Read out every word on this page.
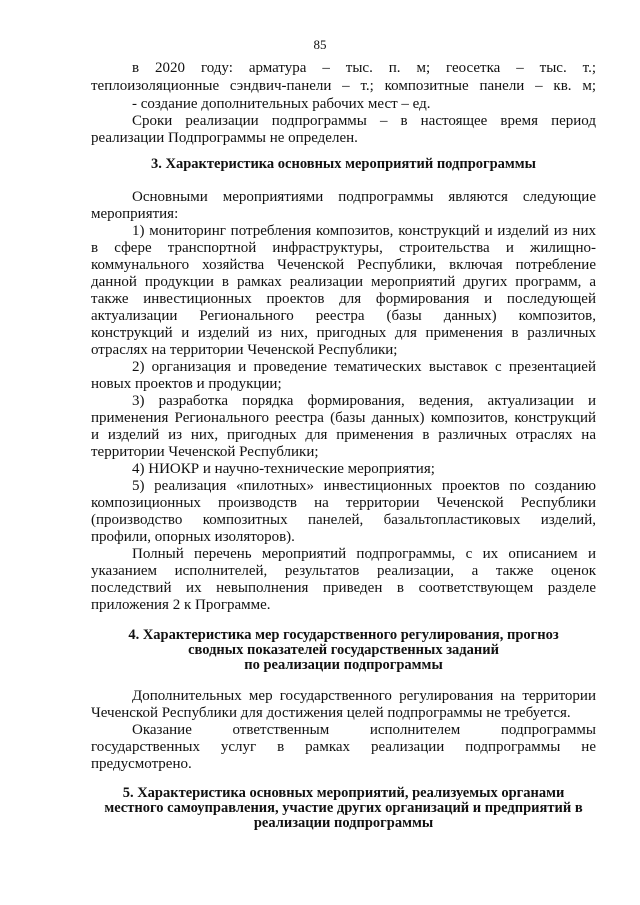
85
в 2020 году: арматура – тыс. п. м; геосетка – тыс. т.;
теплоизоляционные сэндвич-панели – т.; композитные панели – кв. м;
- создание дополнительных рабочих мест – ед.
Сроки реализации подпрограммы – в настоящее время период
реализации Подпрограммы не определен.
3. Характеристика основных мероприятий подпрограммы
Основными мероприятиями подпрограммы являются следующие
мероприятия:
1) мониторинг потребления композитов, конструкций и изделий из них
в сфере транспортной инфраструктуры, строительства и жилищно-
коммунального хозяйства Чеченской Республики, включая потребление
данной продукции в рамках реализации мероприятий других программ, а
также инвестиционных проектов для формирования и последующей
актуализации Регионального реестра (базы данных) композитов,
конструкций и изделий из них, пригодных для применения в различных
отраслях на территории Чеченской Республики;
2) организация и проведение тематических выставок с презентацией
новых проектов и продукции;
3) разработка порядка формирования, ведения, актуализации и
применения Регионального реестра (базы данных) композитов, конструкций
и изделий из них, пригодных для применения в различных отраслях на
территории Чеченской Республики;
4) НИОКР и научно-технические мероприятия;
5) реализация «пилотных» инвестиционных проектов по созданию
композиционных производств на территории Чеченской Республики
(производство композитных панелей, базальтопластиковых изделий,
профили, опорных изоляторов).
Полный перечень мероприятий подпрограммы, с их описанием и
указанием исполнителей, результатов реализации, а также оценок
последствий их невыполнения приведен в соответствующем разделе
приложения 2 к Программе.
4. Характеристика мер государственного регулирования, прогноз
сводных показателей государственных заданий
по реализации подпрограммы
Дополнительных мер государственного регулирования на территории
Чеченской Республики для достижения целей подпрограммы не требуется.
Оказание ответственным исполнителем подпрограммы
государственных услуг в рамках реализации подпрограммы не
предусмотрено.
5. Характеристика основных мероприятий, реализуемых органами
местного самоуправления, участие других организаций и предприятий в
реализации подпрограммы
